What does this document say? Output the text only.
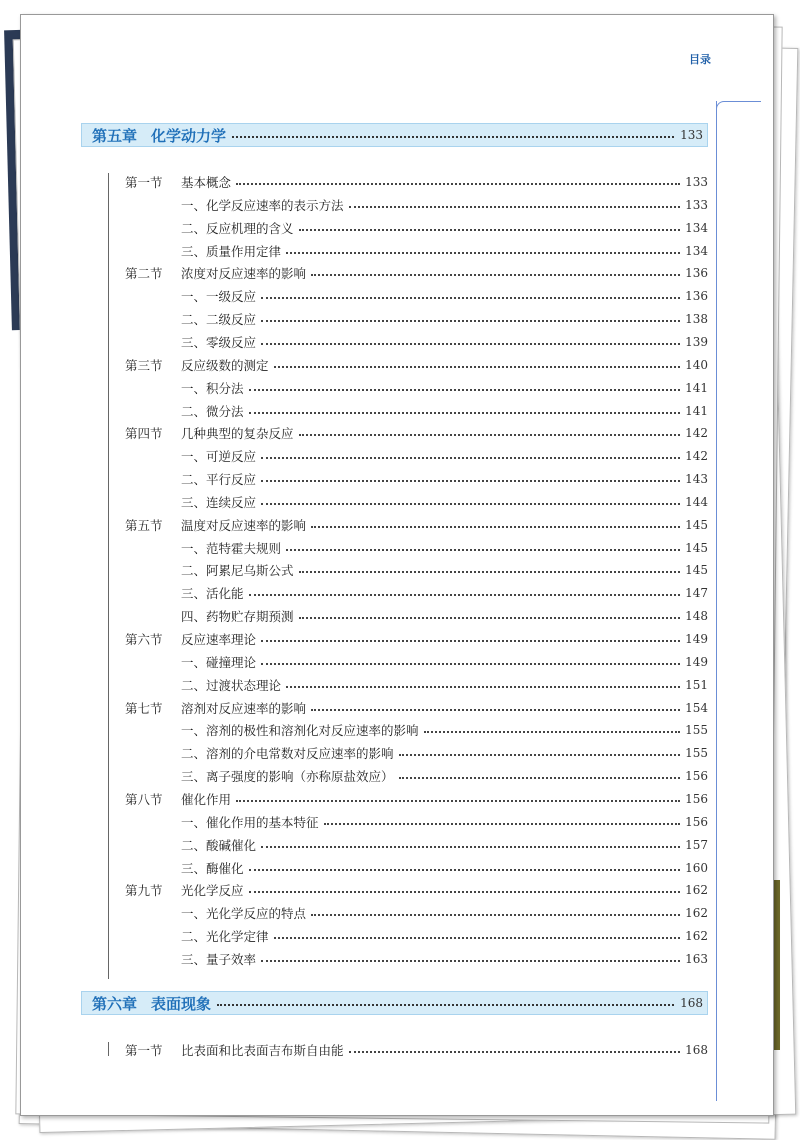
目录
第五章 化学动力学	133
第一节	基本概念	133
一、化学反应速率的表示方法	133
二、反应机理的含义	134
三、质量作用定律	134
第二节	浓度对反应速率的影响	136
一、一级反应	136
二、二级反应	138
三、零级反应	139
第三节	反应级数的测定	140
一、积分法	141
二、微分法	141
第四节	几种典型的复杂反应	142
一、可逆反应	142
二、平行反应	143
三、连续反应	144
第五节	温度对反应速率的影响	145
一、范特霍夫规则	145
二、阿累尼乌斯公式	145
三、活化能	147
四、药物贮存期预测	148
第六节	反应速率理论	149
一、碰撞理论	149
二、过渡状态理论	151
第七节	溶剂对反应速率的影响	154
一、溶剂的极性和溶剂化对反应速率的影响	155
二、溶剂的介电常数对反应速率的影响	155
三、离子强度的影响（亦称原盐效应）	156
第八节	催化作用	156
一、催化作用的基本特征	156
二、酸碱催化	157
三、酶催化	160
第九节	光化学反应	162
一、光化学反应的特点	162
二、光化学定律	162
三、量子效率	163
第六章 表面现象	168
第一节	比表面和比表面吉布斯自由能	168
